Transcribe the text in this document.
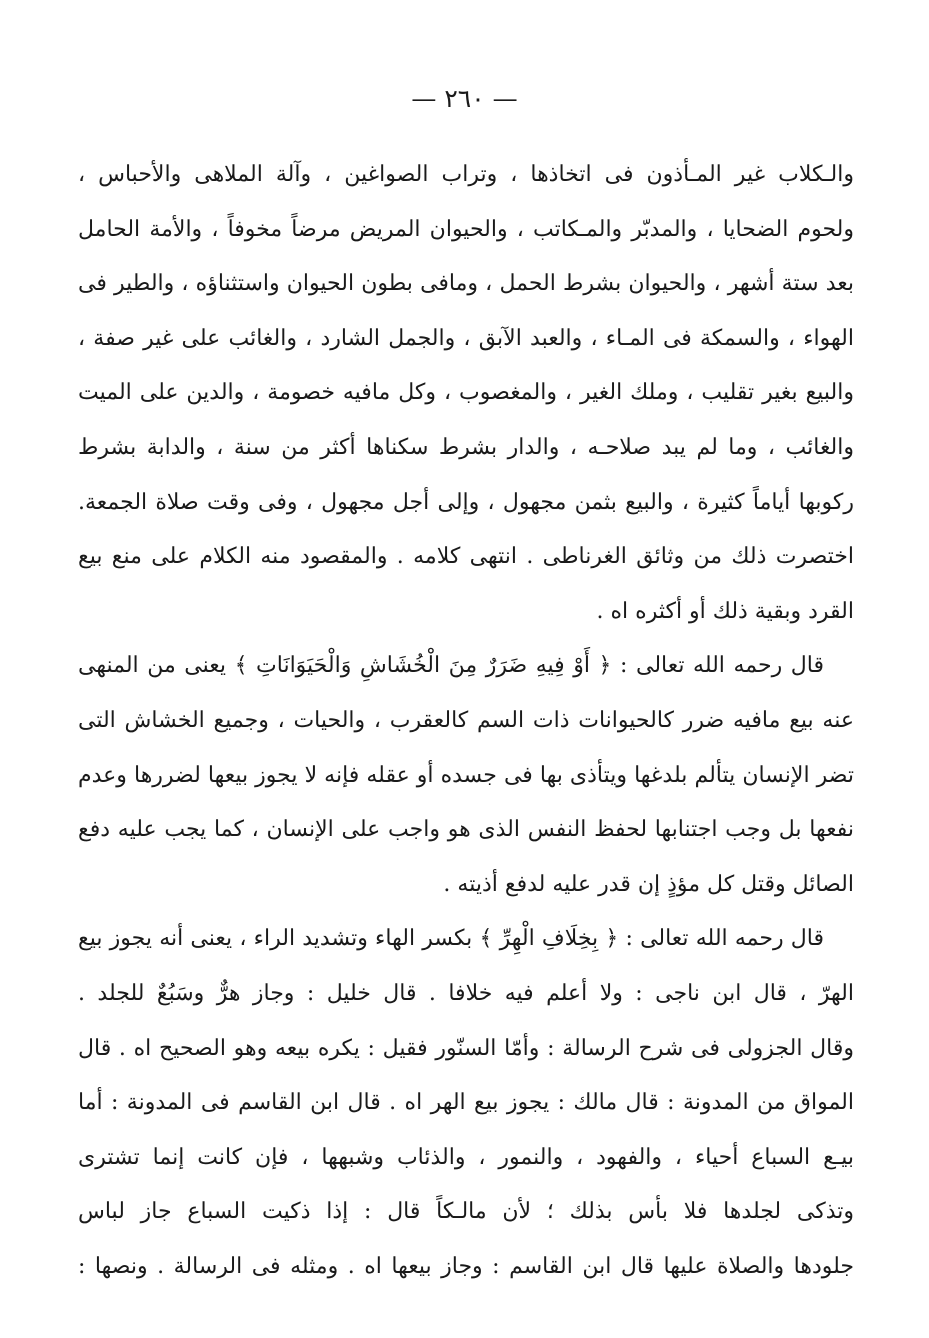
— ٢٦٠ —
والـكلاب غير المـأذون فى اتخاذها ، وتراب الصواغين ، وآلة الملاهى والأحباس ،
ولحوم الضحايا ، والمدبّر والمـكاتب ، والحيوان المريض مرضاً مخوفاً ، والأمة الحامل
بعد ستة أشهر ، والحيوان بشرط الحمل ، ومافى بطون الحيوان واستثناؤه ، والطير فى
الهواء ، والسمكة فى المـاء ، والعبد الآبق ، والجمل الشارد ، والغائب على غير صفة ،
والبيع بغير تقليب ، وملك الغير ، والمغصوب ، وكل مافيه خصومة ، والدين على الميت
والغائب ، وما لم يبد صلاحـه ، والدار بشرط سكناها أكثر من سنة ، والدابة بشرط
ركوبها أياماً كثيرة ، والبيع بثمن مجهول ، وإلى أجل مجهول ، وفى وقت صلاة الجمعة.
اختصرت ذلك من وثائق الغرناطى . انتهى كلامه . والمقصود منه الكلام على منع بيع
القرد وبقية ذلك أو أكثره اه .
قال رحمه الله تعالى : ﴿ أَوْ فِيهِ ضَرَرٌ مِنَ الْخُشَاشِ وَالْحَيَوَانَاتِ ﴾ يعنى من المنهى
عنه بيع مافيه ضرر كالحيوانات ذات السم كالعقرب ، والحيات ، وجميع الخشاش التى
تضر الإنسان يتألم بلدغها ويتأذى بها فى جسده أو عقله فإنه لا يجوز بيعها لضررها وعدم
نفعها بل وجب اجتنابها لحفظ النفس الذى هو واجب على الإنسان ، كما يجب عليه دفع
الصائل وقتل كل مؤذٍ إن قدر عليه لدفع أذيته .
قال رحمه الله تعالى : ﴿ بِخِلَافِ الْهِرِّ ﴾ بكسر الهاء وتشديد الراء ، يعنى أنه يجوز بيع
الهرّ ، قال ابن ناجى : ولا أعلم فيه خلافا . قال خليل : وجاز هرٌّ وسَبُعٌ للجلد .
وقال الجزولى فى شرح الرسالة : وأمّا السنّور فقيل : يكره بيعه وهو الصحيح اه . قال
المواق من المدونة : قال مالك : يجوز بيع الهر اه . قال ابن القاسم فى المدونة : أما
بيـع السباع أحياء ، والفهود ، والنمور ، والذئاب وشبهها ، فإن كانت إنما تشترى
وتذكى لجلدها فلا بأس بذلك ؛ لأن مالـكاً قال : إذا ذكيت السباع جاز لباس
جلودها والصلاة عليها قال ابن القاسم : وجاز بيعها اه . ومثله فى الرسالة . ونصها :
